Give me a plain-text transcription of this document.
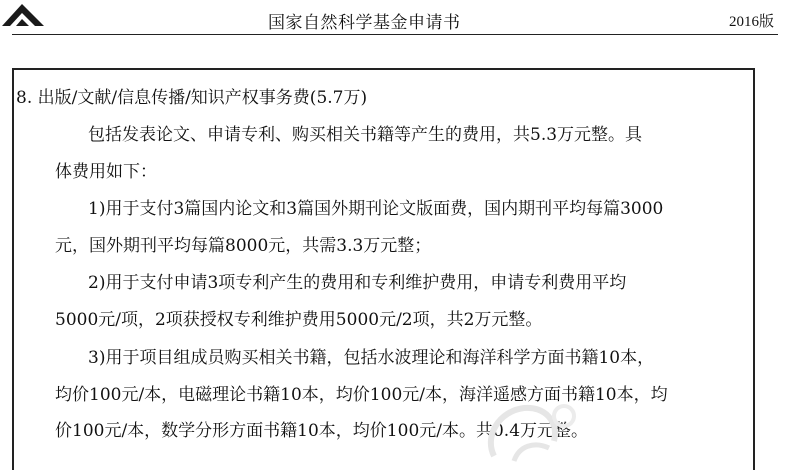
国家自然科学基金申请书	2016版
8. 出版/文献/信息传播/知识产权事务费(5.7万)
包括发表论文、申请专利、购买相关书籍等产生的费用，共5.3万元整。具
体费用如下：
1)用于支付3篇国内论文和3篇国外期刊论文版面费，国内期刊平均每篇3000
元，国外期刊平均每篇8000元，共需3.3万元整；
2)用于支付申请3项专利产生的费用和专利维护费用，申请专利费用平均
5000元/项，2项获授权专利维护费用5000元/2项，共2万元整。
3)用于项目组成员购买相关书籍，包括水波理论和海洋科学方面书籍10本，
均价100元/本，电磁理论书籍10本，均价100元/本，海洋遥感方面书籍10本，均
价100元/本，数学分形方面书籍10本，均价100元/本。共0.4万元整。
